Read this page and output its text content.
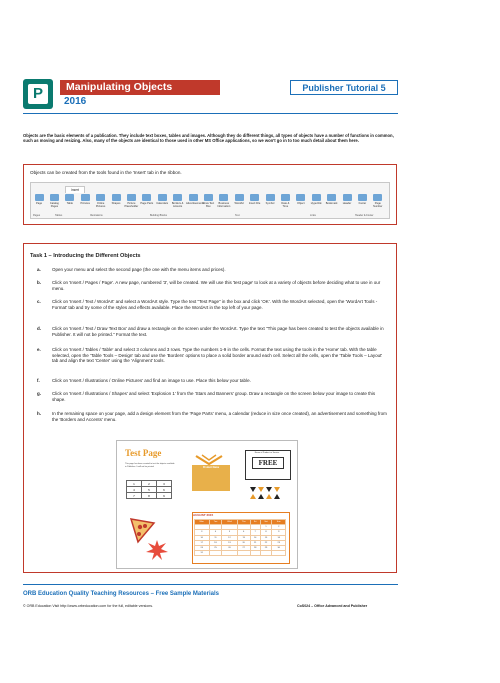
P	Manipulating Objects
2016
Publisher Tutorial 5

Objects are the basic elements of a publication. They include text boxes, tables and images. Although they do different things, all types of objects have a number of functions in common, such as moving and resizing. Also, many of the objects are identical to those used in other MS Office applications, so we won't go in to too much detail about them here.

Objects can be created from the tools found in the 'Insert' tab in the ribbon.
Insert
Page	Catalog Pages
Table	Pictures	Online Pictures
Shapes	Picture Placeholder
Page Parts	Calendars	Borders & Accents
Advertisements
Draw Text Box
Business Information
WordArt	Insert File	Symbol	Date & Time
Object	Hyperlink	Bookmark	Header	Footer	Page Number
Pages	Tables	Illustrations	Building Blocks	Text	Links	Header & Footer
Task 1 – Introducing the Different Objects
a. Open your menu and select the second page (the one with the menu items and prices).
b. Click on 'Insert / Pages / Page'. A new page, numbered '3', will be created. We will use this 'test page' to look at a variety of objects before deciding what to use in our menu.
c. Click on 'Insert / Text / WordArt' and select a WordArt style. Type the text "Test Page" in the box and click 'OK'. With the WordArt selected, open the 'WordArt Tools - Format' tab and try some of the styles and effects available. Place the WordArt in the top left of your page.
d. Click on 'Insert / Text / Draw Text Box' and draw a rectangle on the screen under the WordArt. Type the text "This page has been created to test the objects available in Publisher. It will not be printed." Format the text.
e. Click on 'Insert / Tables / Table' and select 3 columns and 3 rows. Type the numbers 1-9 in the cells. Format the text using the tools in the 'Home' tab. With the table selected, open the 'Table Tools – Design' tab and use the 'Borders' options to place a solid border around each cell. Select all the cells, open the 'Table Tools – Layout' tab and align the text 'Center' using the 'Alignment' tools.
f.	Click on 'Insert / Illustrations / Online Pictures' and find an image to use. Place this below your table.
g. Click on 'Insert / Illustrations / Shapes' and select 'Explosion 1' from the 'Stars and Banners' group. Draw a rectangle on the screen below your image to create this shape.
h. In the remaining space on your page, add a design element from the 'Page Parts' menu, a calendar (reduce in size once created), an advertisement and something from the 'Borders and Accents' menu.
Test Page
This page has been created to test the objects available in Publisher. It will not be printed.
1	2	3
4	5	6
7	8	9
Product Name
AUGUST 2015
Mon	Tue	Wed	Thu	Fri	Sat	Sun
					1	2
3	4	5	6	7	8	9
10	11	12	13	14	15	16
17	18	19	20	21	22	23
24	25	26	27	28	29	30
31						
Name of Product or Service
FREE
ORB Education Quality Teaching Resources – Free Sample Materials
© ORB Education Visit http://www.orbeducation.com for the full, editable versions.	CoS024 – Office Advanced and Publisher
